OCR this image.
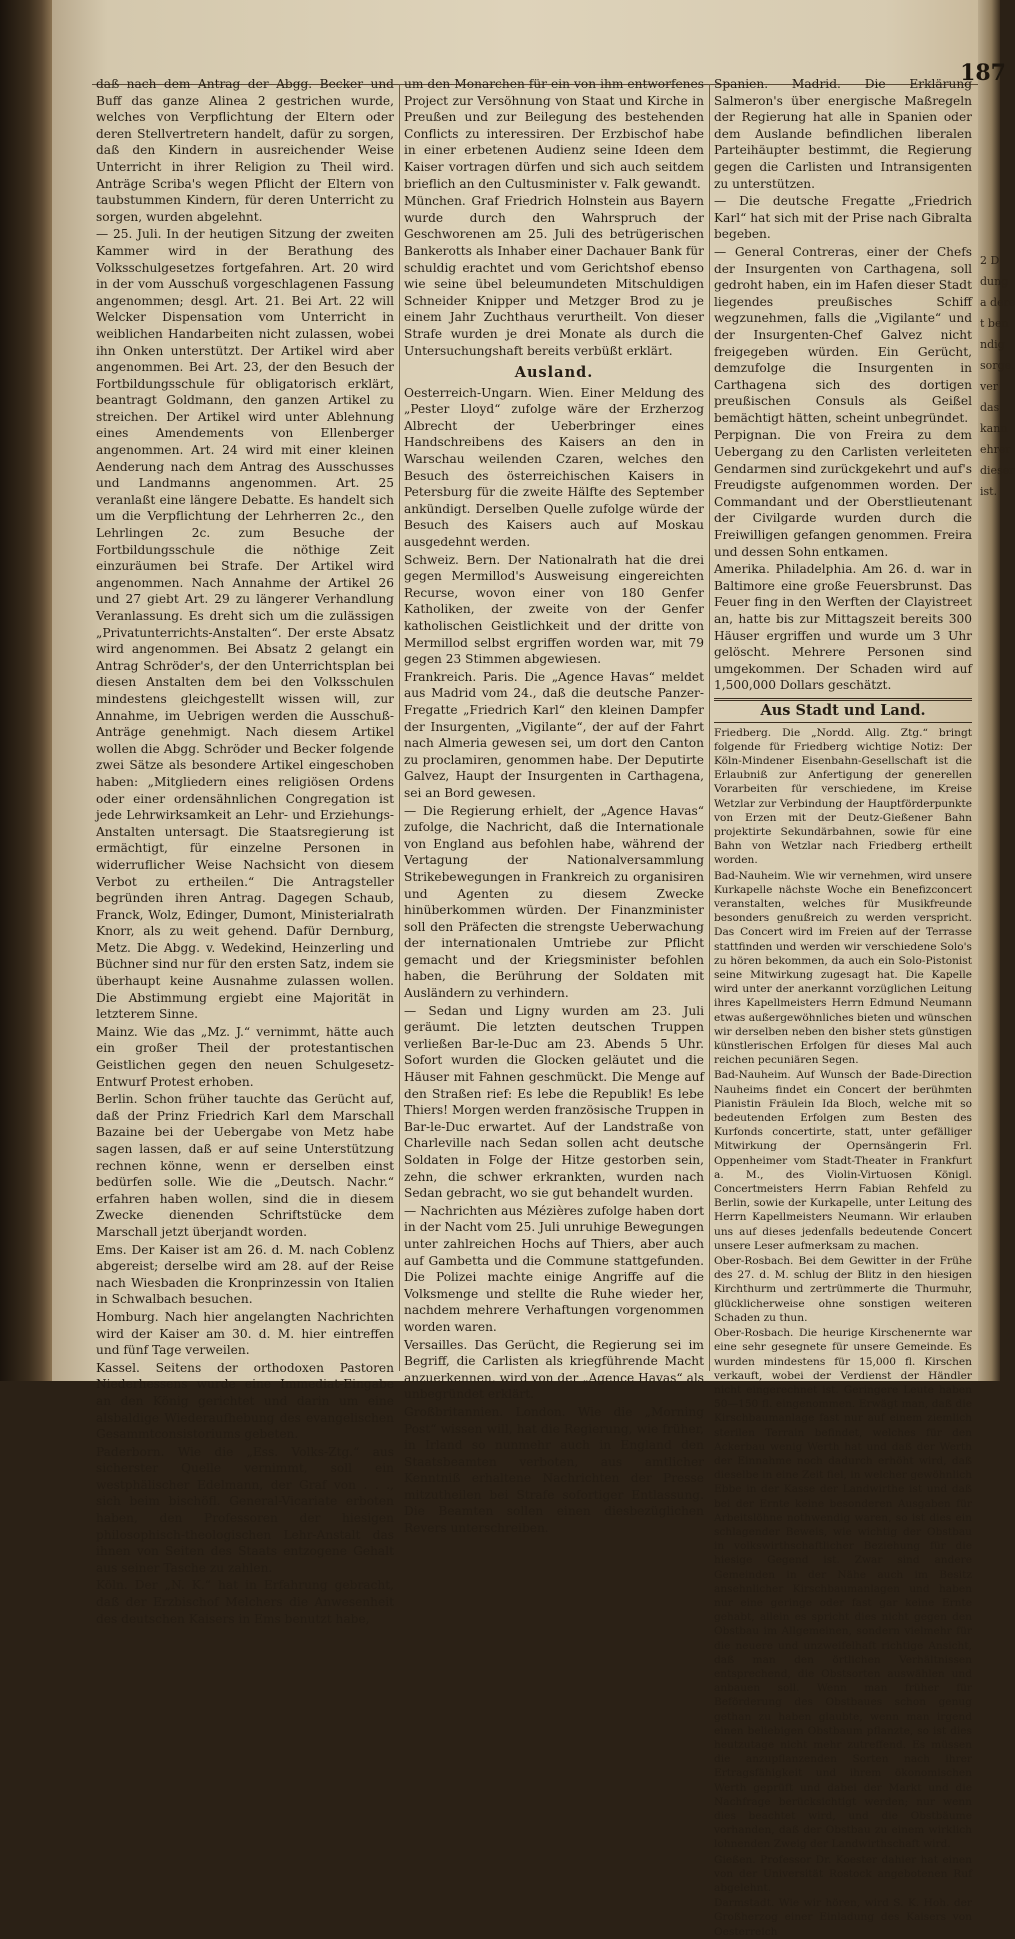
daß nach dem Antrag der Abgg. Becker und Buff das ganze Alinea 2 gestrichen wurde, welches von Verpflichtung der Eltern oder deren Stellvertretern handelt, dafür zu sorgen, daß den Kindern in ausreichender Weise Unterricht in ihrer Religion zu Theil wird. Anträge Scriba's wegen Pflicht der Eltern von taubstummen Kindern, für deren Unterricht zu sorgen, wurden abgelehnt.

— 25. Juli. In der heutigen Sitzung der zweiten Kammer wird in der Berathung des Volksschulgesetzes fortgefahren. Art. 20 wird in der vom Ausschuß vorgeschlagenen Fassung angenommen; desgl. Art. 21. Bei Art. 22 will Welcker Dispensation vom Unterricht in weiblichen Handarbeiten nicht zulassen, wobei ihn Onken unterstützt. Der Artikel wird aber angenommen. Bei Art. 23, der den Besuch der Fortbildungsschule für obligatorisch erklärt, beantragt Goldmann, den ganzen Artikel zu streichen. Der Artikel wird unter Ablehnung eines Amendements von Ellenberger angenommen. Art. 24 wird mit einer kleinen Aenderung nach dem Antrag des Ausschusses und Landmanns angenommen. Art. 25 veranlaßt eine längere Debatte. Es handelt sich um die Verpflichtung der Lehrherren 2c., den Lehrlingen 2c. zum Besuche der Fortbildungsschule die nöthige Zeit einzuräumen bei Strafe. Der Artikel wird angenommen. Nach Annahme der Artikel 26 und 27 giebt Art. 29 zu längerer Verhandlung Veranlassung. Es dreht sich um die zulässigen „Privatunterrichts-Anstalten“. Der erste Absatz wird angenommen. Bei Absatz 2 gelangt ein Antrag Schröder's, der den Unterrichtsplan bei diesen Anstalten dem bei den Volksschulen mindestens gleichgestellt wissen will, zur Annahme, im Uebrigen werden die Ausschuß-Anträge genehmigt. Nach diesem Artikel wollen die Abgg. Schröder und Becker folgende zwei Sätze als besondere Artikel eingeschoben haben: „Mitgliedern eines religiösen Ordens oder einer ordensähnlichen Congregation ist jede Lehrwirksamkeit an Lehr- und Erziehungs-Anstalten untersagt. Die Staatsregierung ist ermächtigt, für einzelne Personen in widerruflicher Weise Nachsicht von diesem Verbot zu ertheilen.“ Die Antragsteller begründen ihren Antrag. Dagegen Schaub, Franck, Wolz, Edinger, Dumont, Ministerialrath Knorr, als zu weit gehend. Dafür Dernburg, Metz. Die Abgg. v. Wedekind, Heinzerling und Büchner sind nur für den ersten Satz, indem sie überhaupt keine Ausnahme zulassen wollen. Die Abstimmung ergiebt eine Majorität in letzterem Sinne.

Mainz. Wie das „Mz. J.“ vernimmt, hätte auch ein großer Theil der protestantischen Geistlichen gegen den neuen Schulgesetz-Entwurf Protest erhoben.

Berlin. Schon früher tauchte das Gerücht auf, daß der Prinz Friedrich Karl dem Marschall Bazaine bei der Uebergabe von Metz habe sagen lassen, daß er auf seine Unterstützung rechnen könne, wenn er derselben einst bedürfen solle. Wie die „Deutsch. Nachr.“ erfahren haben wollen, sind die in diesem Zwecke dienenden Schriftstücke dem Marschall jetzt überjandt worden.

Ems. Der Kaiser ist am 26. d. M. nach Coblenz abgereist; derselbe wird am 28. auf der Reise nach Wiesbaden die Kronprinzessin von Italien in Schwalbach besuchen.

Homburg. Nach hier angelangten Nachrichten wird der Kaiser am 30. d. M. hier eintreffen und fünf Tage verweilen.

Kassel. Seitens der orthodoxen Pastoren Niederhessens wurde eine Immediat-Eingabe an den König gerichtet und darin um eine alsbaldige Wiederaufhebung des evangelischen Gesammtconsistoriums gebeten.

Paderborn. Wie die „Ess. Volks-Ztg.“ aus sicherster Quelle vernimmt, soll ein westphälischer Edelmann, der Graf von . . ., sich beim bischöfl. General-Vicariate erboten haben, den Professoren der hiesigen philosophisch-theologischen Lehr-Anstalt das ihnen von Seiten des Staats entzogene Gehalt aus seiner Tasche zu zahlen.

Köln. Der „N. K.“ hat in Erfahrung gebracht, daß der Erzbischof Melchers die Anwesenheit des deutschen Kaisers in Ems benutzt habe,

um den Monarchen für ein von ihm entworfenes Project zur Versöhnung von Staat und Kirche in Preußen und zur Beilegung des bestehenden Conflicts zu interessiren. Der Erzbischof habe in einer erbetenen Audienz seine Ideen dem Kaiser vortragen dürfen und sich auch seitdem brieflich an den Cultusminister v. Falk gewandt.

München. Graf Friedrich Holnstein aus Bayern wurde durch den Wahrspruch der Geschworenen am 25. Juli des betrügerischen Bankerotts als Inhaber einer Dachauer Bank für schuldig erachtet und vom Gerichtshof ebenso wie seine übel beleumundeten Mitschuldigen Schneider Knipper und Metzger Brod zu je einem Jahr Zuchthaus verurtheilt. Von dieser Strafe wurden je drei Monate als durch die Untersuchungshaft bereits verbüßt erklärt.

Ausland.

Oesterreich-Ungarn. Wien. Einer Meldung des „Pester Lloyd“ zufolge wäre der Erzherzog Albrecht der Ueberbringer eines Handschreibens des Kaisers an den in Warschau weilenden Czaren, welches den Besuch des österreichischen Kaisers in Petersburg für die zweite Hälfte des September ankündigt. Derselben Quelle zufolge würde der Besuch des Kaisers auch auf Moskau ausgedehnt werden.

Schweiz. Bern. Der Nationalrath hat die drei gegen Mermillod's Ausweisung eingereichten Recurse, wovon einer von 180 Genfer Katholiken, der zweite von der Genfer katholischen Geistlichkeit und der dritte von Mermillod selbst ergriffen worden war, mit 79 gegen 23 Stimmen abgewiesen.

Frankreich. Paris. Die „Agence Havas“ meldet aus Madrid vom 24., daß die deutsche Panzer-Fregatte „Friedrich Karl“ den kleinen Dampfer der Insurgenten, „Vigilante“, der auf der Fahrt nach Almeria gewesen sei, um dort den Canton zu proclamiren, genommen habe. Der Deputirte Galvez, Haupt der Insurgenten in Carthagena, sei an Bord gewesen.

— Die Regierung erhielt, der „Agence Havas“ zufolge, die Nachricht, daß die Internationale von England aus befohlen habe, während der Vertagung der Nationalversammlung Strikebewegungen in Frankreich zu organisiren und Agenten zu diesem Zwecke hinüberkommen würden. Der Finanzminister soll den Präfecten die strengste Ueberwachung der internationalen Umtriebe zur Pflicht gemacht und der Kriegsminister befohlen haben, die Berührung der Soldaten mit Ausländern zu verhindern.

— Sedan und Ligny wurden am 23. Juli geräumt. Die letzten deutschen Truppen verließen Bar-le-Duc am 23. Abends 5 Uhr. Sofort wurden die Glocken geläutet und die Häuser mit Fahnen geschmückt. Die Menge auf den Straßen rief: Es lebe die Republik! Es lebe Thiers! Morgen werden französische Truppen in Bar-le-Duc erwartet. Auf der Landstraße von Charleville nach Sedan sollen acht deutsche Soldaten in Folge der Hitze gestorben sein, zehn, die schwer erkrankten, wurden nach Sedan gebracht, wo sie gut behandelt wurden.

— Nachrichten aus Mézières zufolge haben dort in der Nacht vom 25. Juli unruhige Bewegungen unter zahlreichen Hochs auf Thiers, aber auch auf Gambetta und die Commune stattgefunden. Die Polizei machte einige Angriffe auf die Volksmenge und stellte die Ruhe wieder her, nachdem mehrere Verhaftungen vorgenommen worden waren.

Versailles. Das Gerücht, die Regierung sei im Begriff, die Carlisten als kriegführende Macht anzuerkennen, wird von der „Agence Havas“ als unbegründet erklärt.

Großbritannien. London. Wie die „Morning Post“ wissen will, hat die Regierung, wie früher, in Irland so nunmehr auch in England den Staatsbeamten verboten, aus amtlicher Kenntniß erhaltene Nachrichten der Presse mitzutheilen bei Strafe sofortiger Entlassung. Die Beamten sollen einen diesbezüglichen Revers unterschreiben.

Spanien. Madrid. Die Erklärung Salmeron's über energische Maßregeln der Regierung hat alle in Spanien oder dem Auslande befindlichen liberalen Parteihäupter bestimmt, die Regierung gegen die Carlisten und Intransigenten zu unterstützen.

— Die deutsche Fregatte „Friedrich Karl“ hat sich mit der Prise nach Gibralta begeben.

— General Contreras, einer der Chefs der Insurgenten von Carthagena, soll gedroht haben, ein im Hafen dieser Stadt liegendes preußisches Schiff wegzunehmen, falls die „Vigilante“ und der Insurgenten-Chef Galvez nicht freigegeben würden. Ein Gerücht, demzufolge die Insurgenten in Carthagena sich des dortigen preußischen Consuls als Geißel bemächtigt hätten, scheint unbegründet.

Perpignan. Die von Freira zu dem Uebergang zu den Carlisten verleiteten Gendarmen sind zurückgekehrt und auf's Freudigste aufgenommen worden. Der Commandant und der Oberstlieutenant der Civilgarde wurden durch die Freiwilligen gefangen genommen. Freira und dessen Sohn entkamen.

Amerika. Philadelphia. Am 26. d. war in Baltimore eine große Feuersbrunst. Das Feuer fing in den Werften der Clayistreet an, hatte bis zur Mittagszeit bereits 300 Häuser ergriffen und wurde um 3 Uhr gelöscht. Mehrere Personen sind umgekommen. Der Schaden wird auf 1,500,000 Dollars geschätzt.

Aus Stadt und Land.

Friedberg. Die „Nordd. Allg. Ztg.“ bringt folgende für Friedberg wichtige Notiz: Der Köln-Mindener Eisenbahn-Gesellschaft ist die Erlaubniß zur Anfertigung der generellen Vorarbeiten für verschiedene, im Kreise Wetzlar zur Verbindung der Hauptförderpunkte von Erzen mit der Deutz-Gießener Bahn projektirte Sekundärbahnen, sowie für eine Bahn von Wetzlar nach Friedberg ertheilt worden.

Bad-Nauheim. Wie wir vernehmen, wird unsere Kurkapelle nächste Woche ein Benefizconcert veranstalten, welches für Musikfreunde besonders genußreich zu werden verspricht. Das Concert wird im Freien auf der Terrasse stattfinden und werden wir verschiedene Solo's zu hören bekommen, da auch ein Solo-Pistonist seine Mitwirkung zugesagt hat. Die Kapelle wird unter der anerkannt vorzüglichen Leitung ihres Kapellmeisters Herrn Edmund Neumann etwas außergewöhnliches bieten und wünschen wir derselben neben den bisher stets günstigen künstlerischen Erfolgen für dieses Mal auch reichen pecuniären Segen.

Bad-Nauheim. Auf Wunsch der Bade-Direction Nauheims findet ein Concert der berühmten Pianistin Fräulein Ida Bloch, welche mit so bedeutenden Erfolgen zum Besten des Kurfonds concertirte, statt, unter gefälliger Mitwirkung der Opernsängerin Frl. Oppenheimer vom Stadt-Theater in Frankfurt a. M., des Violin-Virtuosen Königl. Concertmeisters Herrn Fabian Rehfeld zu Berlin, sowie der Kurkapelle, unter Leitung des Herrn Kapellmeisters Neumann. Wir erlauben uns auf dieses jedenfalls bedeutende Concert unsere Leser aufmerksam zu machen.

Ober-Rosbach. Bei dem Gewitter in der Frühe des 27. d. M. schlug der Blitz in den hiesigen Kirchthurm und zertrümmerte die Thurmuhr, glücklicherweise ohne sonstigen weiteren Schaden zu thun.

Ober-Rosbach. Die heurige Kirschenernte war eine sehr gesegnete für unsere Gemeinde. Es wurden mindestens für 15,000 fl. Kirschen verkauft, wobei der Verdienst der Händler nicht eingerechnet ist. Geringere Leute haben 50—150 fl. eingenommen. Erwägt man, daß die Kirschbaumanlage fast nur auf einem ziemlich sterilen Terrain befindet, welches für den Ackerbau wenig Werth hat und daß der Werth der Einnahme noch dadurch erhöht wird, daß dieselbe in eine Zeit fiel, in welcher gewöhnlich Ebbe in der Kasse der Landwirthe ist und daß bei der Ernte keine besonderen Ausgaben für Arbeitslöhne nothwendig waren, so ist dies ein schlagender Beweis, wie wichtig der Obstbau in volkswirthschaftlicher Beziehung für die hiesige Gegend ist. Zwar sind andere Gemeinden in der Nähe auch im Besitz ansehnlicher Kirschbaumanlagen und haben nur eine geringe oder fast gar keine Ernte gehabt, allein es spricht dies nicht gegen den Obstbau im Allgemeinen, sondern vielmehr für die neuere und unzweifelhaft richtige Ansicht, daß man den örtlichen Verhältnissen entsprechend, die Obstsorten auswählen und anbauen soll. Wenn man früher für Beförderung des Obstbaues schon genug gethan zu haben glaubte, wenn man irgend einen beliebigen Obstbaum pflanzte, so ist dies heutzutage nicht mehr zutreffend. Es müssen die anzupflanzenden Sorten nach ihrer Ertragsfähigkeit und ihrem ökonomischen Werth geprüft und dabei der Markt und die Nachfrage berücksichtigt werden; nur wenn dies beachtet wird, und die Obstbäume vorhanden, daß der Obstbau zu einem wirklich lohnenden Zweig der Landwirthschaft wird.

Gießen. Professor Dr. Koester dahier hat einen von der Universität Rostock angebotenen Ruf abgelehnt.

Darmstadt. Wie wir hören, wird S. K. Hoh. der Großherzog einer Einladung des Kaisers von Oesterreich

187
2 D
dung
a dere
t ben
ndig
sorge.
ver
das
kann
ehrer
dieser
ist.
